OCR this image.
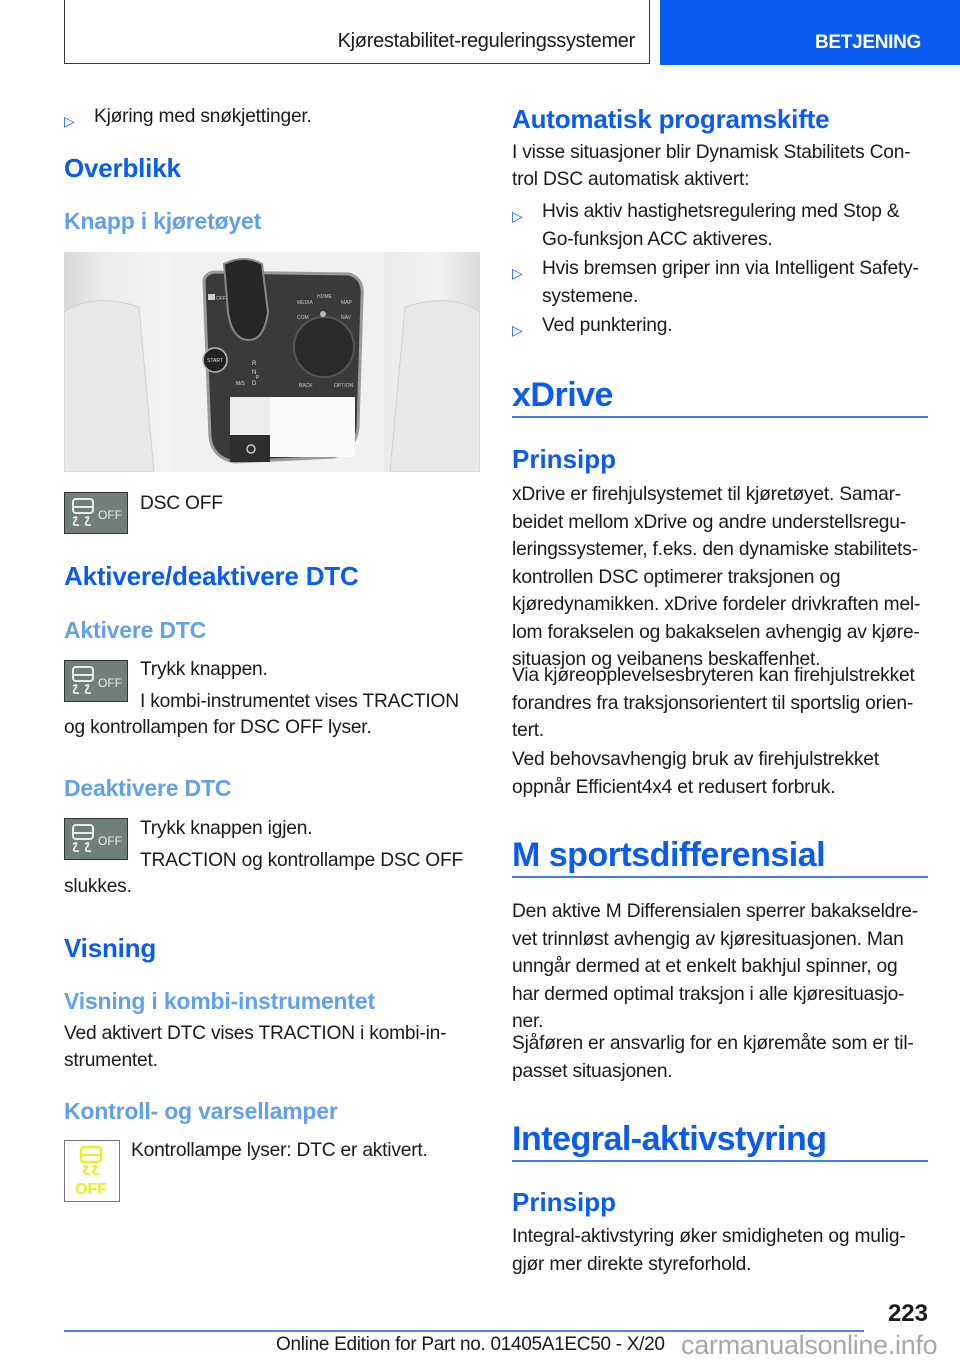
Kjørestabilitet-reguleringssystemer	BETJENING
▷	Kjøring med snøkjettinger.
Overblikk
Knapp i kjøretøyet
START
MEDIA
HOME
MAP
COM	NAV
BACK	OPTION
R
N
P
D
M/S
OFF
OFF
DSC OFF
Aktivere/deaktivere DTC
Aktivere DTC
OFF
Trykk knappen.
I kombi-instrumentet vises TRACTION
og kontrollampen for DSC OFF lyser.
Deaktivere DTC
OFF
Trykk knappen igjen.
TRACTION og kontrollampe DSC OFF
slukkes.
Visning
Visning i kombi-instrumentet
Ved aktivert DTC vises TRACTION i kombi-in-
strumentet.
Kontroll- og varsellamper
OFF
Kontrollampe lyser: DTC er aktivert.
Automatisk programskifte
I visse situasjoner blir Dynamisk Stabilitets Con-
trol DSC automatisk aktivert:
▷	Hvis aktiv hastighetsregulering med Stop &
Go-funksjon ACC aktiveres.
▷	Hvis bremsen griper inn via Intelligent Safety-
systemene.
▷	Ved punktering.
xDrive
Prinsipp
xDrive er firehjulsystemet til kjøretøyet. Samar-
beidet mellom xDrive og andre understellsregu-
leringssystemer, f.eks. den dynamiske stabilitets-
kontrollen DSC optimerer traksjonen og
kjøredynamikken. xDrive fordeler drivkraften mel-
lom forakselen og bakakselen avhengig av kjøre-
situasjon og veibanens beskaffenhet.
Via kjøreopplevelsesbryteren kan firehjulstrekket
forandres fra traksjonsorientert til sportslig orien-
tert.
Ved behovsavhengig bruk av firehjulstrekket
oppnår Efficient4x4 et redusert forbruk.
M sportsdifferensial
Den aktive M Differensialen sperrer bakakseldre-
vet trinnløst avhengig av kjøresituasjonen. Man
unngår dermed at et enkelt bakhjul spinner, og
har dermed optimal traksjon i alle kjøresituasjo-
ner.
Sjåføren er ansvarlig for en kjøremåte som er til-
passet situasjonen.
Integral-aktivstyring
Prinsipp
Integral-aktivstyring øker smidigheten og mulig-
gjør mer direkte styreforhold.
223
Online Edition for Part no. 01405A1EC50 - X/20 carmanualsonline.info
